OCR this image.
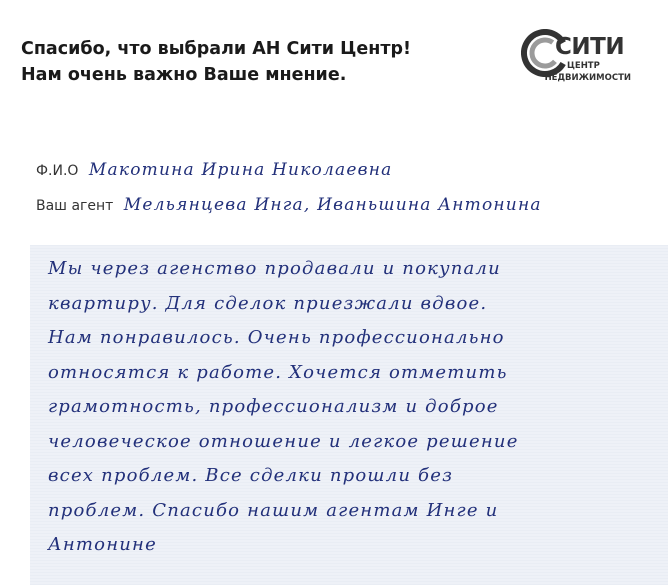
Спасибо, что выбрали АН Сити Центр!
Нам очень важно Ваше мнение.
СИТИ
ЦЕНТР
НЕДВИЖИМОСТИ
Ф.И.О Макотина Ирина Николаевна
Ваш агент Мельянцева Инга, Иваньшина Антонина
Мы через агенство продавали и покупали
квартиру. Для сделок приезжали вдвое.
Нам понравилось. Очень профессионально
относятся к работе. Хочется отметить
грамотность, профессионализм и доброе
человеческое отношение и легкое решение
всех проблем. Все сделки прошли без
проблем. Спасибо нашим агентам Инге и
Антонине
